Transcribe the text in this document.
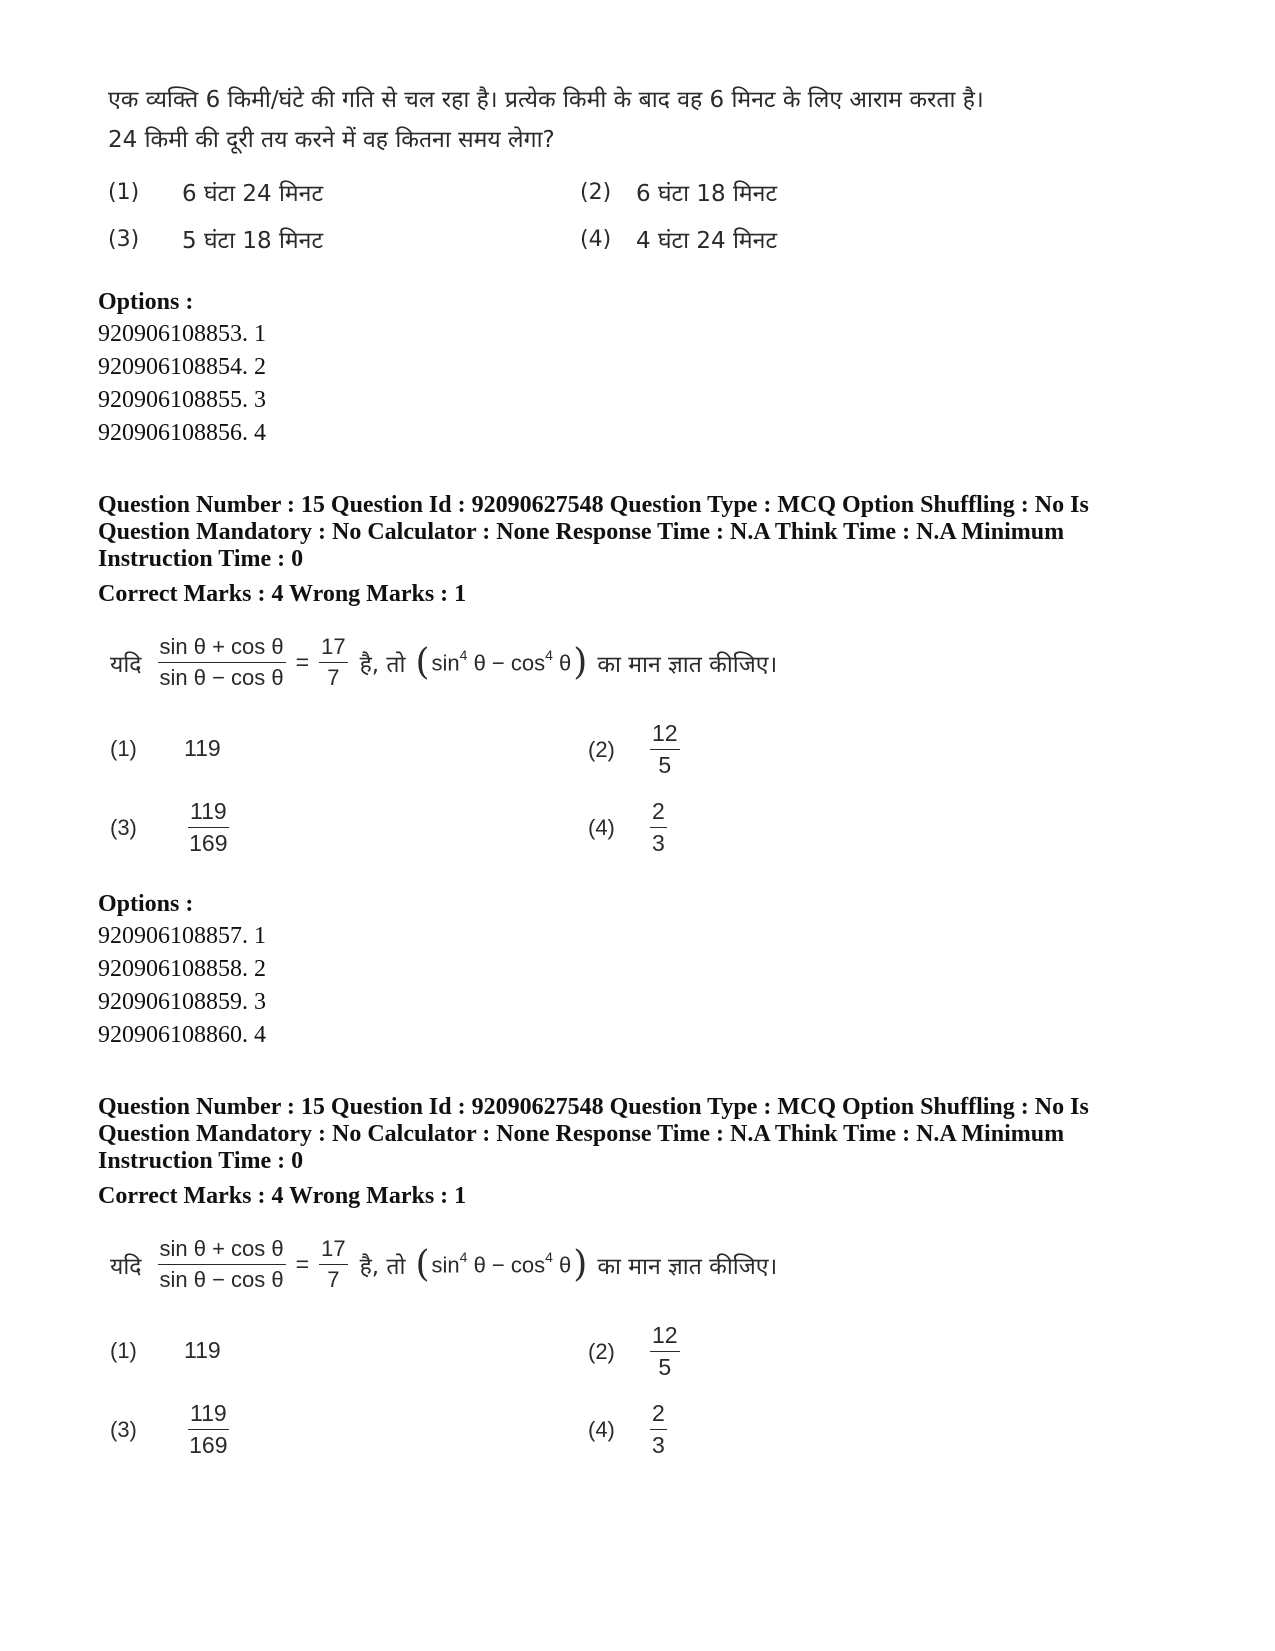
एक व्यक्ति 6 किमी/घंटे की गति से चल रहा है। प्रत्येक किमी के बाद वह 6 मिनट के लिए आराम करता है।

24 किमी की दूरी तय करने में वह कितना समय लेगा?

(1)	6 घंटा 24 मिनट	(2)	6 घंटा 18 मिनट
(3)	5 घंटा 18 मिनट	(4)	4 घंटा 24 मिनट
Options :
920906108853. 1
920906108854. 2
920906108855. 3
920906108856. 4
Question Number : 15 Question Id : 92090627548 Question Type : MCQ Option Shuffling : No Is
Question Mandatory : No Calculator : None Response Time : N.A Think Time : N.A Minimum
Instruction Time : 0
Correct Marks : 4 Wrong Marks : 1
यदि $\frac{\text{sin θ + cos θ}}{\text{sin θ − cos θ}} = \frac{17}{7}$ है, तो ( $\sin^4 \theta - \cos^4 \theta$ ) का मान ज्ञात कीजिए।
(1)	119	(2)	$\frac{12}{5}$
(3)	$\frac{119}{169}$	(4)	$\frac{2}{3}$
Options :
920906108857. 1
920906108858. 2
920906108859. 3
920906108860. 4
Question Number : 15 Question Id : 92090627548 Question Type : MCQ Option Shuffling : No Is
Question Mandatory : No Calculator : None Response Time : N.A Think Time : N.A Minimum
Instruction Time : 0
Correct Marks : 4 Wrong Marks : 1
यदि $\frac{\text{sin θ + cos θ}}{\text{sin θ − cos θ}} = \frac{17}{7}$ है, तो ( $\sin^4 \theta - \cos^4 \theta$ ) का मान ज्ञात कीजिए।
(1)	119	(2)	$\frac{12}{5}$
(3)	$\frac{119}{169}$	(4)	$\frac{2}{3}$
